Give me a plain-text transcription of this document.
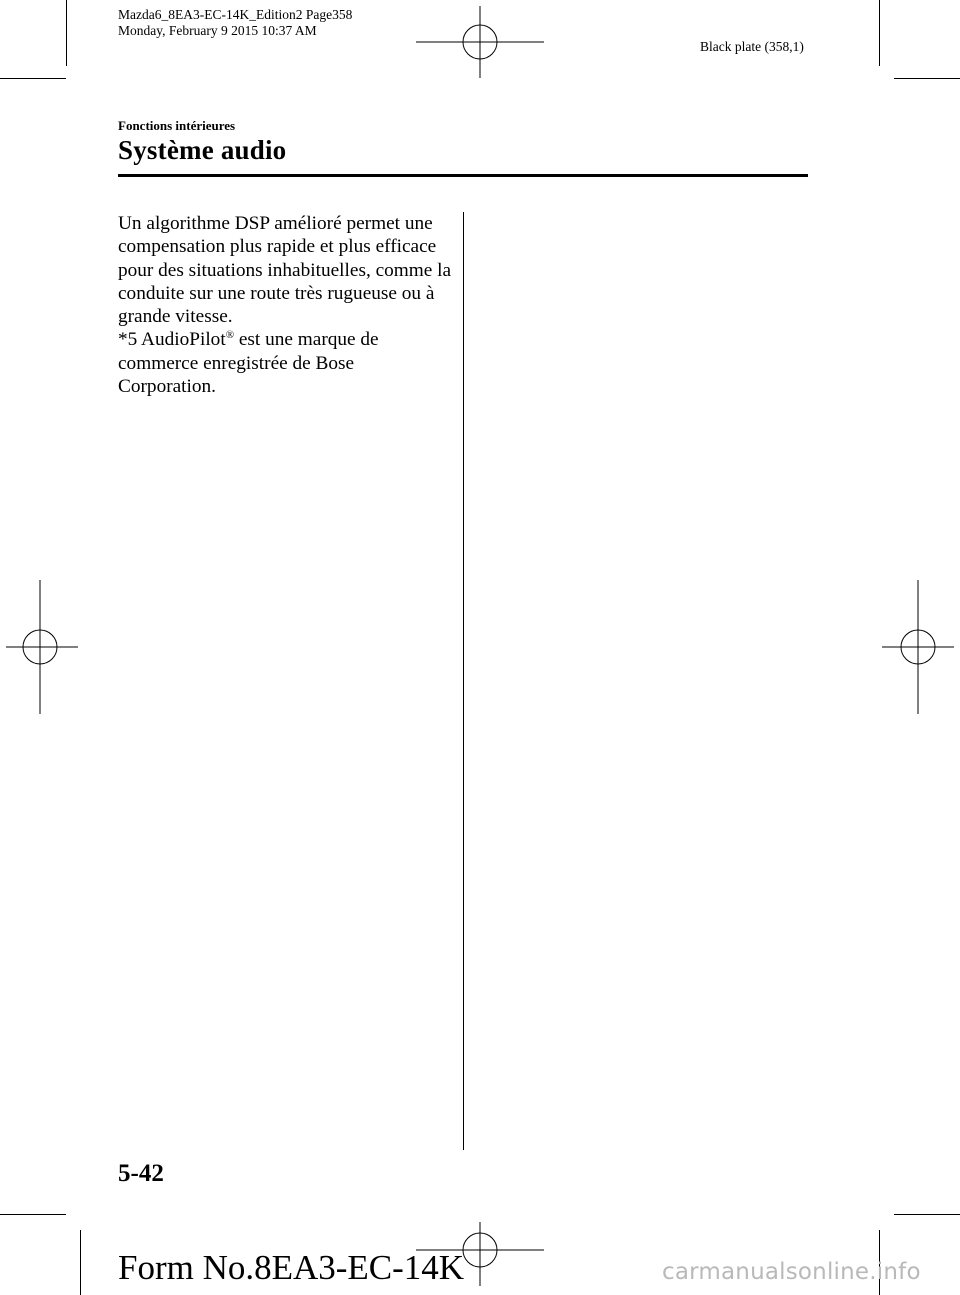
Mazda6_8EA3-EC-14K_Edition2 Page358
Monday, February 9 2015 10:37 AM
Black plate (358,1)
Fonctions intérieures
Système audio

Un algorithme DSP amélioré permet une compensation plus rapide et plus efficace pour des situations inhabituelles, comme la conduite sur une route très rugueuse ou à grande vitesse.

*5 AudioPilot® est une marque de commerce enregistrée de Bose Corporation.

5-42
Form No.8EA3-EC-14K	carmanualsonline.info
